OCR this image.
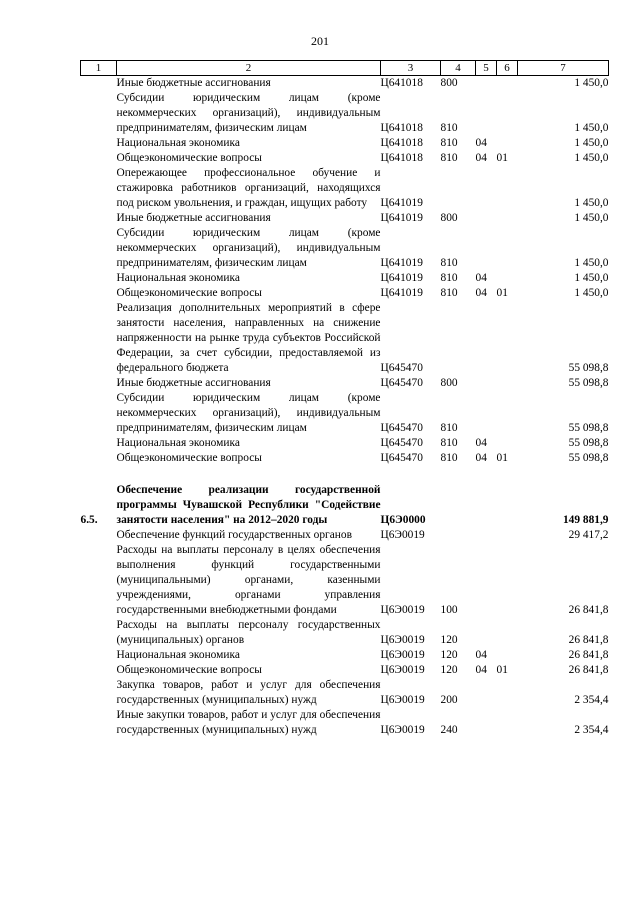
201
1	2	3	4	5	6	7
	Иные бюджетные ассигнования	Ц641018	800			1 450,0
	Субсидии юридическим лицам (кроме некоммерческих организаций), индивидуальным предпринимателям, физическим лицам	Ц641018	810			1 450,0
	Национальная экономика	Ц641018	810	04		1 450,0
	Общеэкономические вопросы	Ц641018	810	04	01	1 450,0
	Опережающее профессиональное обучение и стажировка работников организаций, находящихся под риском увольнения, и граждан, ищущих работу	Ц641019				1 450,0
	Иные бюджетные ассигнования	Ц641019	800			1 450,0
	Субсидии юридическим лицам (кроме некоммерческих организаций), индивидуальным предпринимателям, физическим лицам	Ц641019	810			1 450,0
	Национальная экономика	Ц641019	810	04		1 450,0
	Общеэкономические вопросы	Ц641019	810	04	01	1 450,0
	Реализация дополнительных мероприятий в сфере занятости населения, направленных на снижение напряженности на рынке труда субъектов Российской Федерации, за счет субсидии, предоставляемой из федерального бюджета	Ц645470				55 098,8
	Иные бюджетные ассигнования	Ц645470	800			55 098,8
	Субсидии юридическим лицам (кроме некоммерческих организаций), индивидуальным предпринимателям, физическим лицам	Ц645470	810			55 098,8
	Национальная экономика	Ц645470	810	04		55 098,8
	Общеэкономические вопросы	Ц645470	810	04	01	55 098,8

6.5.	Обеспечение реализации государственной программы Чувашской Республики "Содействие занятости населения" на 2012–2020 годы	Ц6Э0000				149 881,9
	Обеспечение функций государственных органов	Ц6Э0019				29 417,2
	Расходы на выплаты персоналу в целях обеспечения выполнения функций государственными (муниципальными) органами, казенными учреждениями, органами управления государственными внебюджетными фондами	Ц6Э0019	100			26 841,8
	Расходы на выплаты персоналу государственных (муниципальных) органов	Ц6Э0019	120			26 841,8
	Национальная экономика	Ц6Э0019	120	04		26 841,8
	Общеэкономические вопросы	Ц6Э0019	120	04	01	26 841,8
	Закупка товаров, работ и услуг для обеспечения государственных (муниципальных) нужд	Ц6Э0019	200			2 354,4
	Иные закупки товаров, работ и услуг для обеспечения государственных (муниципальных) нужд	Ц6Э0019	240			2 354,4
